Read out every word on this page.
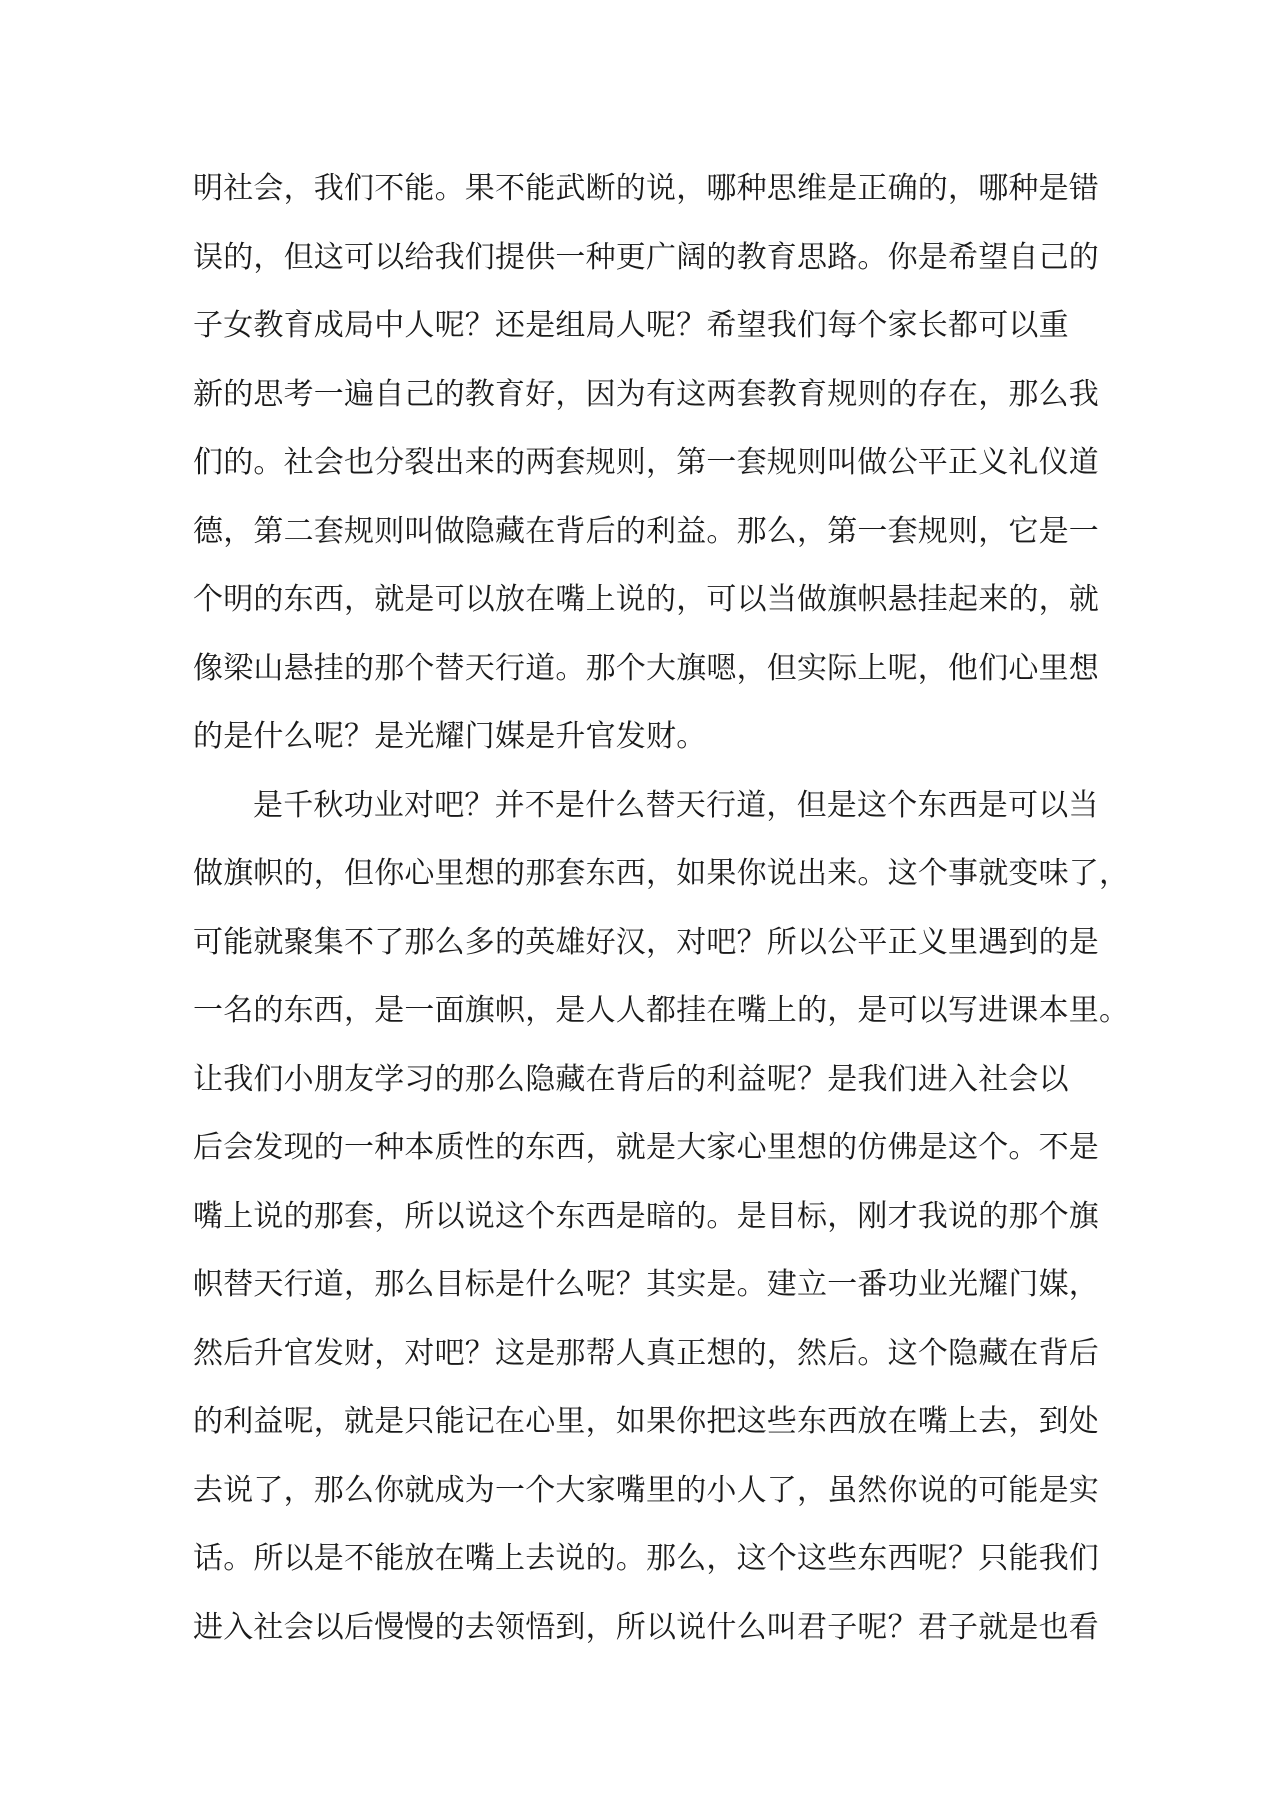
明社会，我们不能。果不能武断的说，哪种思维是正确的，哪种是错
误的，但这可以给我们提供一种更广阔的教育思路。你是希望自己的
子女教育成局中人呢？还是组局人呢？希望我们每个家长都可以重
新的思考一遍自己的教育好，因为有这两套教育规则的存在，那么我
们的。社会也分裂出来的两套规则，第一套规则叫做公平正义礼仪道
德，第二套规则叫做隐藏在背后的利益。那么，第一套规则，它是一
个明的东西，就是可以放在嘴上说的，可以当做旗帜悬挂起来的，就
像梁山悬挂的那个替天行道。那个大旗嗯，但实际上呢，他们心里想
的是什么呢？是光耀门媒是升官发财。
是千秋功业对吧？并不是什么替天行道，但是这个东西是可以当
做旗帜的，但你心里想的那套东西，如果你说出来。这个事就变味了，
可能就聚集不了那么多的英雄好汉，对吧？所以公平正义里遇到的是
一名的东西，是一面旗帜，是人人都挂在嘴上的，是可以写进课本里。
让我们小朋友学习的那么隐藏在背后的利益呢？是我们进入社会以
后会发现的一种本质性的东西，就是大家心里想的仿佛是这个。不是
嘴上说的那套，所以说这个东西是暗的。是目标，刚才我说的那个旗
帜替天行道，那么目标是什么呢？其实是。建立一番功业光耀门媒，
然后升官发财，对吧？这是那帮人真正想的，然后。这个隐藏在背后
的利益呢，就是只能记在心里，如果你把这些东西放在嘴上去，到处
去说了，那么你就成为一个大家嘴里的小人了，虽然你说的可能是实
话。所以是不能放在嘴上去说的。那么，这个这些东西呢？只能我们
进入社会以后慢慢的去领悟到，所以说什么叫君子呢？君子就是也看
